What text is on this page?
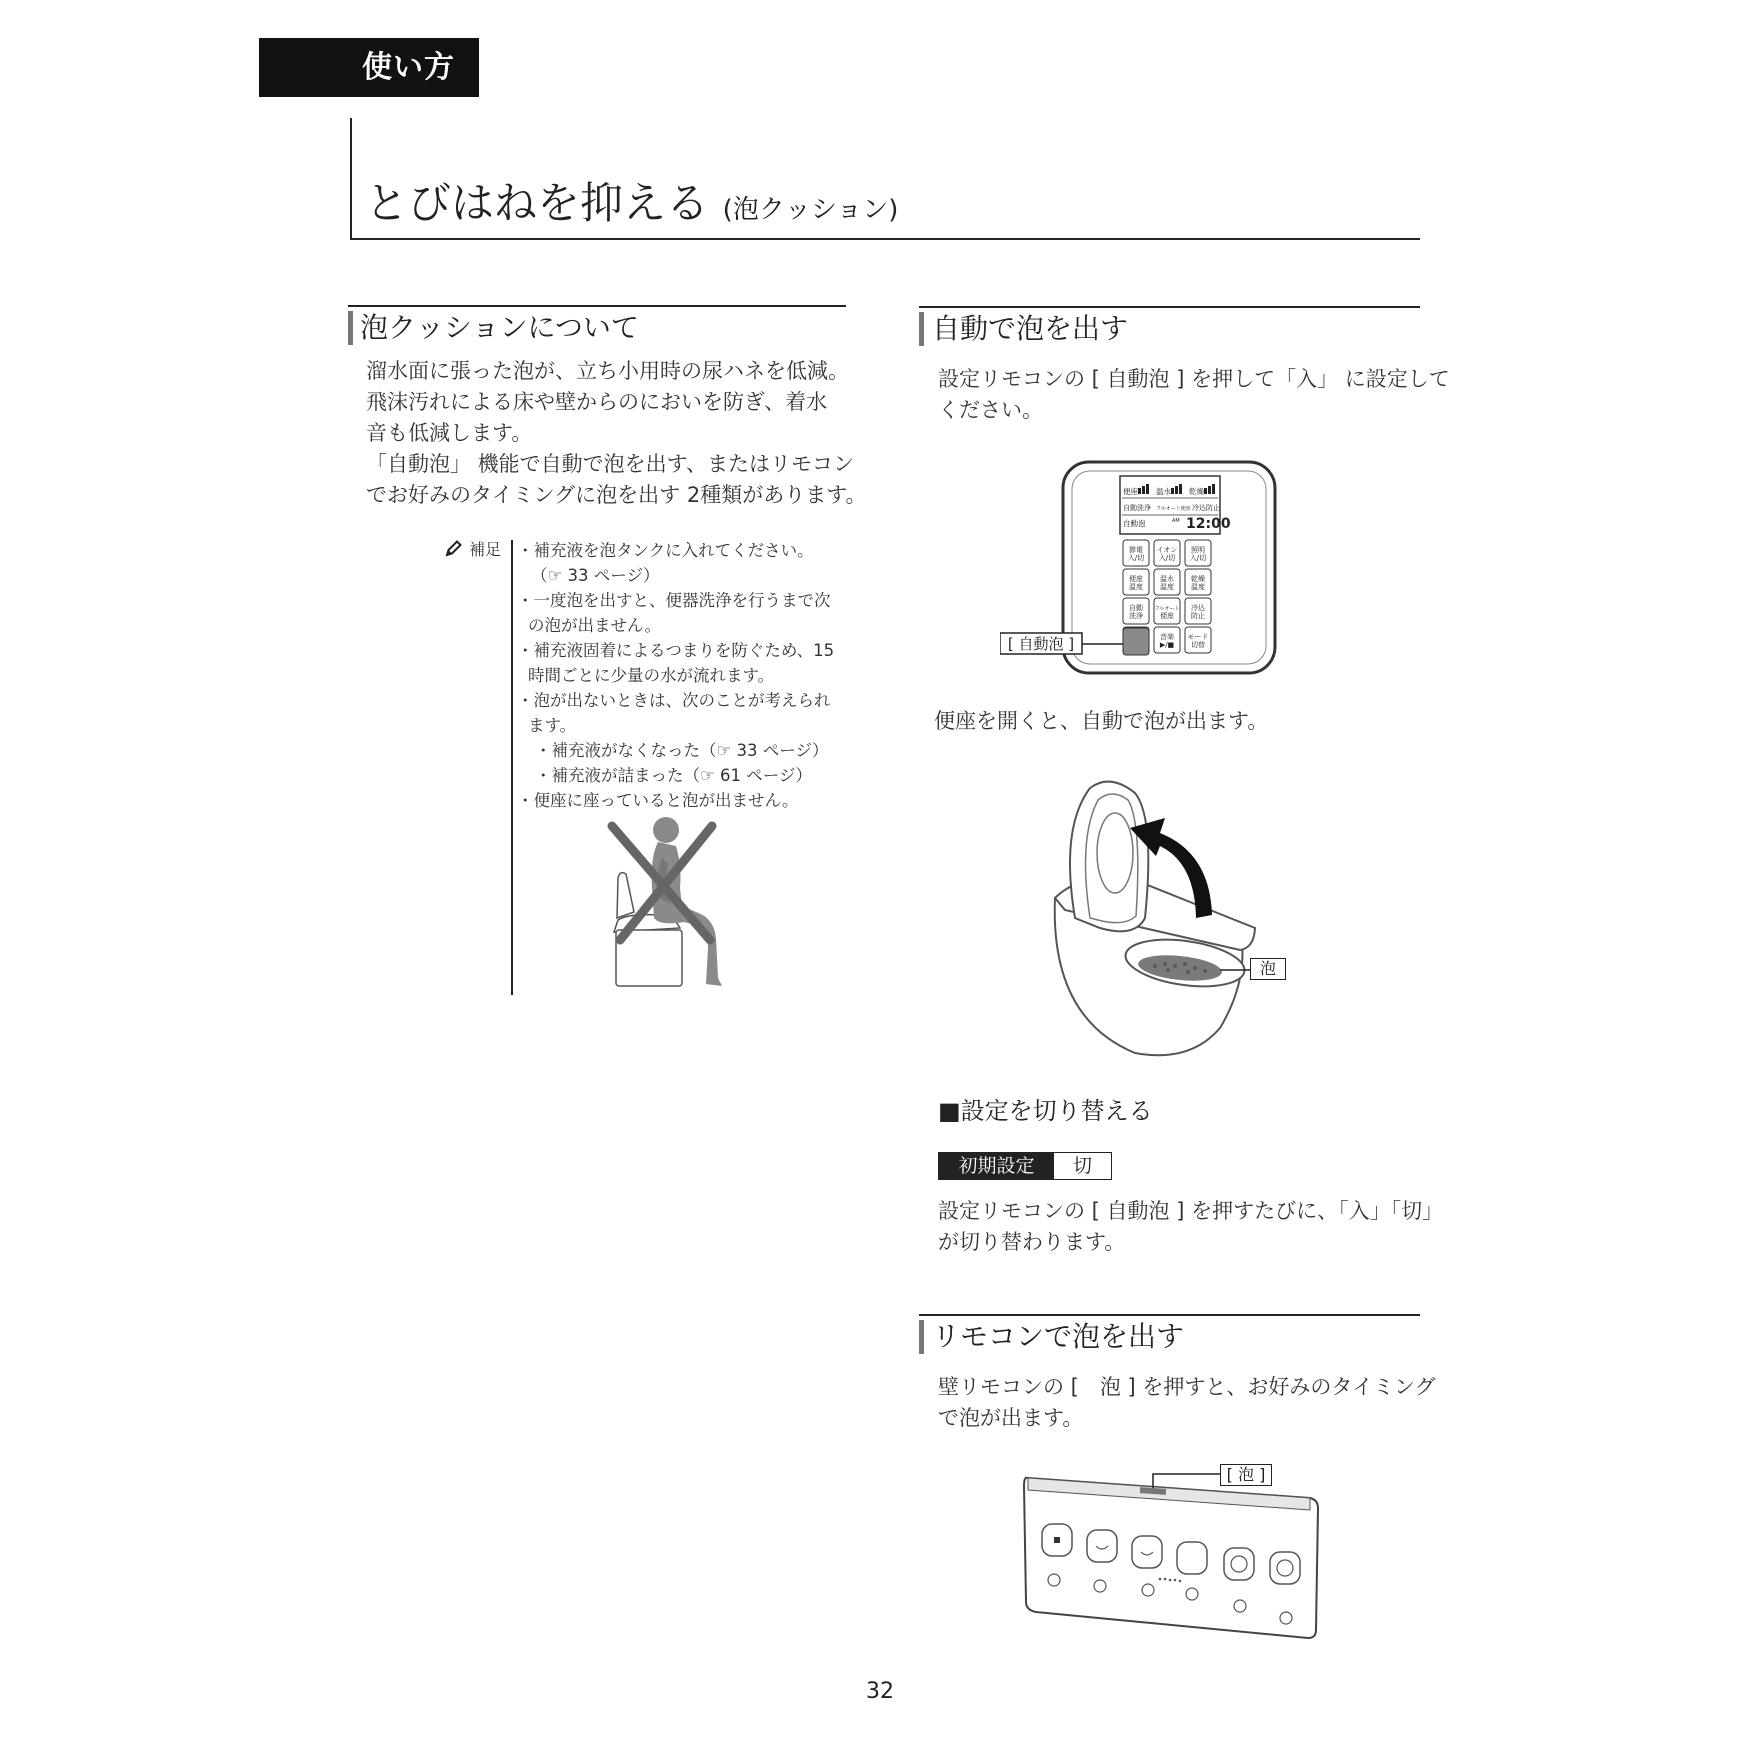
使い方
とびはねを抑える (泡クッション)
泡クッションについて
溜水面に張った泡が、立ち小用時の尿ハネを低減。
飛沫汚れによる床や壁からのにおいを防ぎ、着水
音も低減します。
「自動泡」 機能で自動で泡を出す、またはリモコン
でお好みのタイミングに泡を出す 2種類があります。
補足 ・補充液を泡タンクに入れてください。
（☞ 33 ページ）
・一度泡を出すと、便器洗浄を行うまで次
の泡が出ません。
・補充液固着によるつまりを防ぐため、15
時間ごとに少量の水が流れます。
・泡が出ないときは、次のことが考えられ
ます。
・補充液がなくなった（☞ 33 ページ）
・補充液が詰まった（☞ 61 ページ）
・便座に座っていると泡が出ません。
自動で泡を出す
設定リモコンの [ 自動泡 ] を押して「入」 に設定して
ください。
便座 温水 乾燥
自動洗浄 フルオート便座 冷込防止
自動泡	AM 12:00
節電
入/切
イオン
入/切
照明
入/切
便座
温度
温水
温度
乾燥
温度
自動
洗浄
フルオート
便座
冷込
防止
音楽
▶/■
モード
切替
[ 自動泡 ]
便座を開くと、自動で泡が出ます。
泡
■設定を切り替える
初期設定	切
設定リモコンの [ 自動泡 ] を押すたびに、「入」「切」
が切り替わります。
リモコンで泡を出す
壁リモコンの [　泡 ] を押すと、お好みのタイミング
で泡が出ます。
[ 泡 ]
32
